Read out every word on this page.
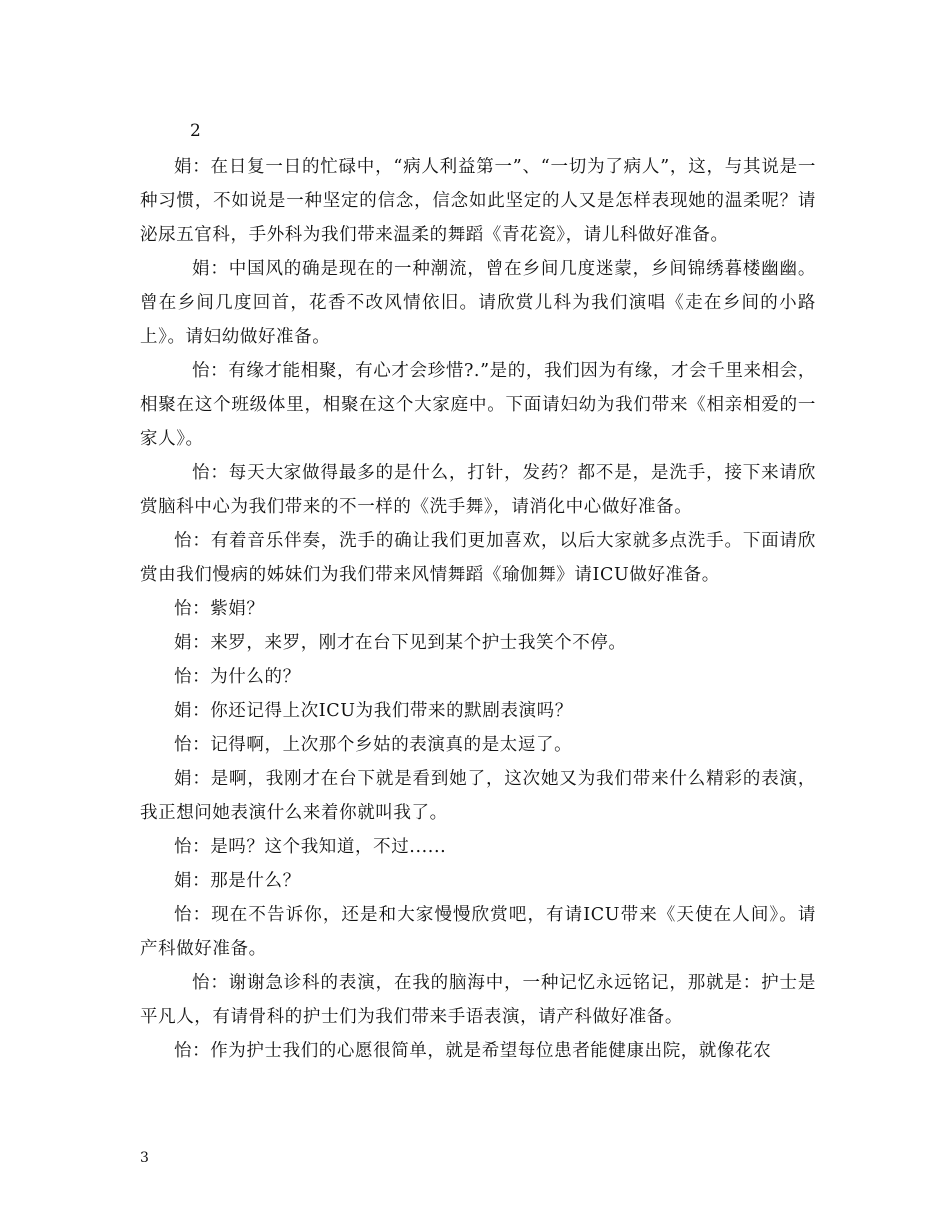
2

娟：在日复一日的忙碌中，“病人利益第一”、“一切为了病人”，这，与其说是一种习惯，不如说是一种坚定的信念，信念如此坚定的人又是怎样表现她的温柔呢？请泌尿五官科，手外科为我们带来温柔的舞蹈《青花瓷》，请儿科做好准备。

娟：中国风的确是现在的一种潮流，曾在乡间几度迷蒙，乡间锦绣暮楼幽幽。曾在乡间几度回首，花香不改风情依旧。请欣赏儿科为我们演唱《走在乡间的小路上》。请妇幼做好准备。

怡：有缘才能相聚，有心才会珍惜?.”是的，我们因为有缘，才会千里来相会，相聚在这个班级体里，相聚在这个大家庭中。下面请妇幼为我们带来《相亲相爱的一家人》。

怡：每天大家做得最多的是什么，打针，发药？都不是，是洗手，接下来请欣赏脑科中心为我们带来的不一样的《洗手舞》，请消化中心做好准备。

怡：有着音乐伴奏，洗手的确让我们更加喜欢，以后大家就多点洗手。下面请欣赏由我们慢病的姊妹们为我们带来风情舞蹈《瑜伽舞》请ICU做好准备。

怡：紫娟？

娟：来罗，来罗，刚才在台下见到某个护士我笑个不停。

怡：为什么的？

娟：你还记得上次ICU为我们带来的默剧表演吗？

怡：记得啊，上次那个乡姑的表演真的是太逗了。

娟：是啊，我刚才在台下就是看到她了，这次她又为我们带来什么精彩的表演，我正想问她表演什么来着你就叫我了。

怡：是吗？这个我知道，不过......

娟：那是什么？

怡：现在不告诉你，还是和大家慢慢欣赏吧，有请ICU带来《天使在人间》。请产科做好准备。

怡：谢谢急诊科的表演，在我的脑海中，一种记忆永远铭记，那就是：护士是平凡人，有请骨科的护士们为我们带来手语表演，请产科做好准备。

怡：作为护士我们的心愿很简单，就是希望每位患者能健康出院，就像花农

3
